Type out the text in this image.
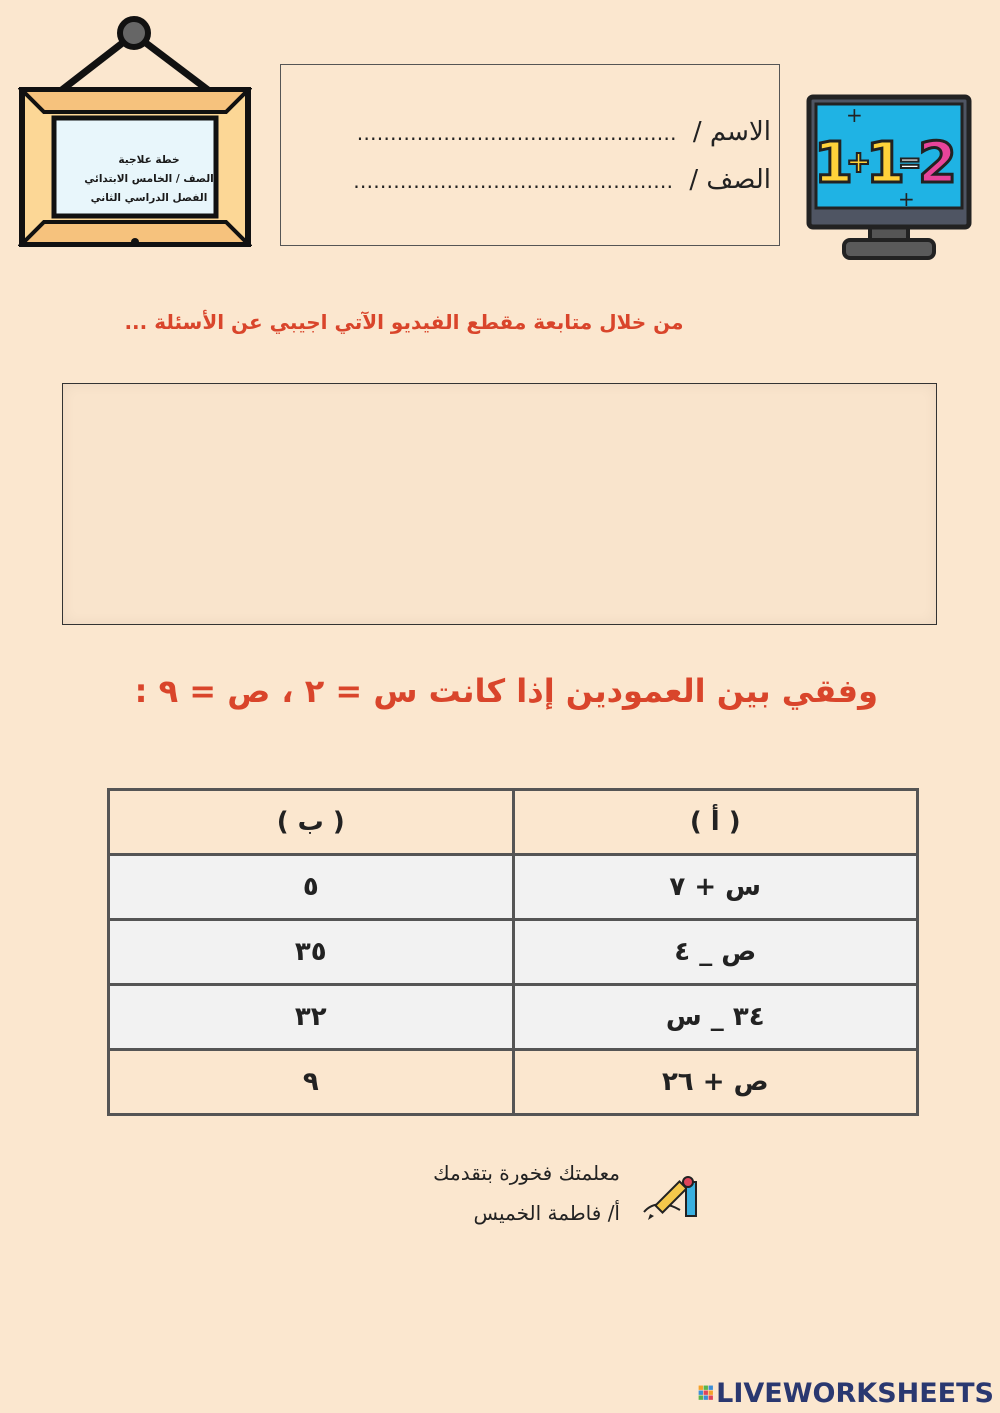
خطة علاجية
الصف / الخامس الابتدائي
الفصل الدراسي الثاني
الاسم / …………………………………………
الصف / …………………………………………	1
+
1
=
2
+
+
من خلال متابعة مقطع الفيديو الآتي اجيبي عن الأسئلة ...
وفقي بين العمودين إذا كانت س = ٢ ، ص = ٩ :
( أ )	( ب )
س + ٧	٥
ص _ ٤	٣٥
٣٤ _ س	٣٢
ص + ٢٦	٩
معلمتك فخورة بتقدمك
أ/ فاطمة الخميس
LIVEWORKSHEETS
